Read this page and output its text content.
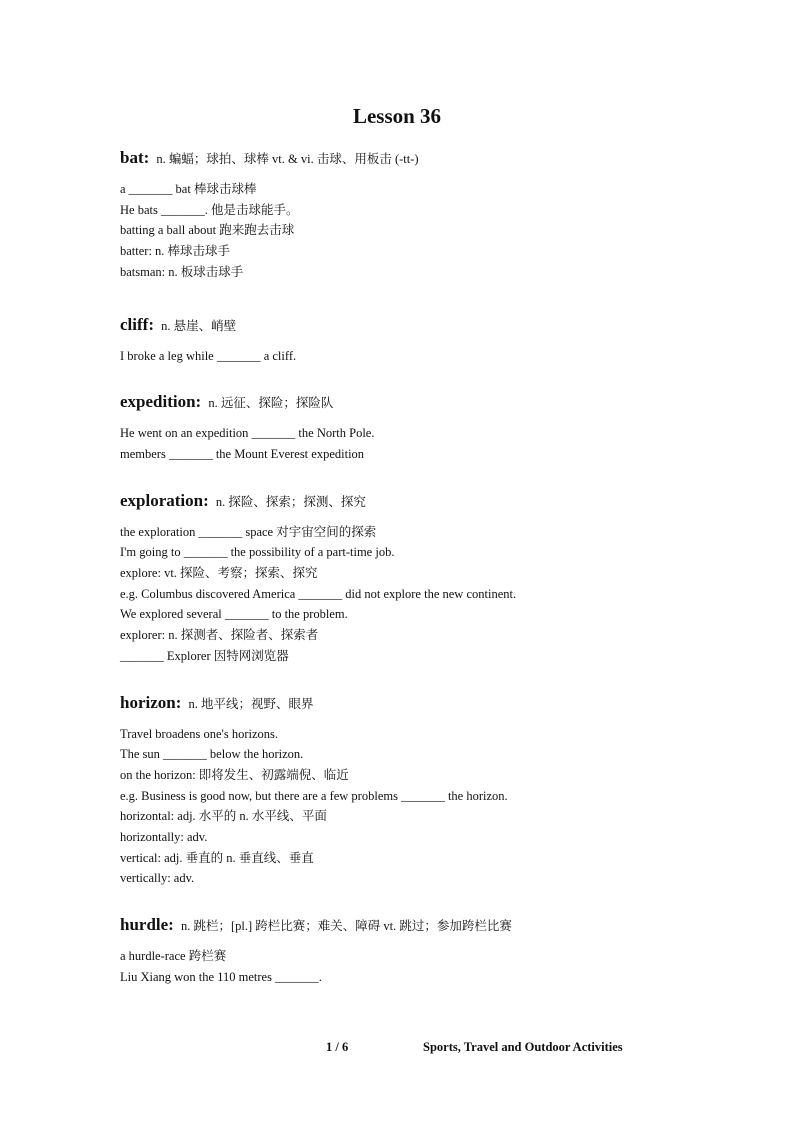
Lesson 36

bat: n. 蝙蝠；球拍、球棒 vt. & vi. 击球、用板击 (-tt-)

a _______ bat 棒球击球棒

He bats _______. 他是击球能手。

batting a ball about 跑来跑去击球

batter: n. 棒球击球手

batsman: n. 板球击球手

cliff: n. 悬崖、峭壁

I broke a leg while _______ a cliff.

expedition: n. 远征、探险；探险队

He went on an expedition _______ the North Pole.

members _______ the Mount Everest expedition

exploration: n. 探险、探索；探测、探究

the exploration _______ space 对宇宙空间的探索

I'm going to _______ the possibility of a part-time job.

explore: vt. 探险、考察；探索、探究

e.g. Columbus discovered America _______ did not explore the new continent.

We explored several _______ to the problem.

explorer: n. 探测者、探险者、探索者

_______ Explorer 因特网浏览器

horizon: n. 地平线；视野、眼界

Travel broadens one's horizons.

The sun _______ below the horizon.

on the horizon: 即将发生、初露端倪、临近

e.g. Business is good now, but there are a few problems _______ the horizon.

horizontal: adj. 水平的 n. 水平线、平面

horizontally: adv.

vertical: adj. 垂直的 n. 垂直线、垂直

vertically: adv.

hurdle: n. 跳栏；[pl.] 跨栏比赛；难关、障碍 vt. 跳过；参加跨栏比赛

a hurdle-race 跨栏赛

Liu Xiang won the 110 metres _______.

1 / 6	Sports, Travel and Outdoor Activities
